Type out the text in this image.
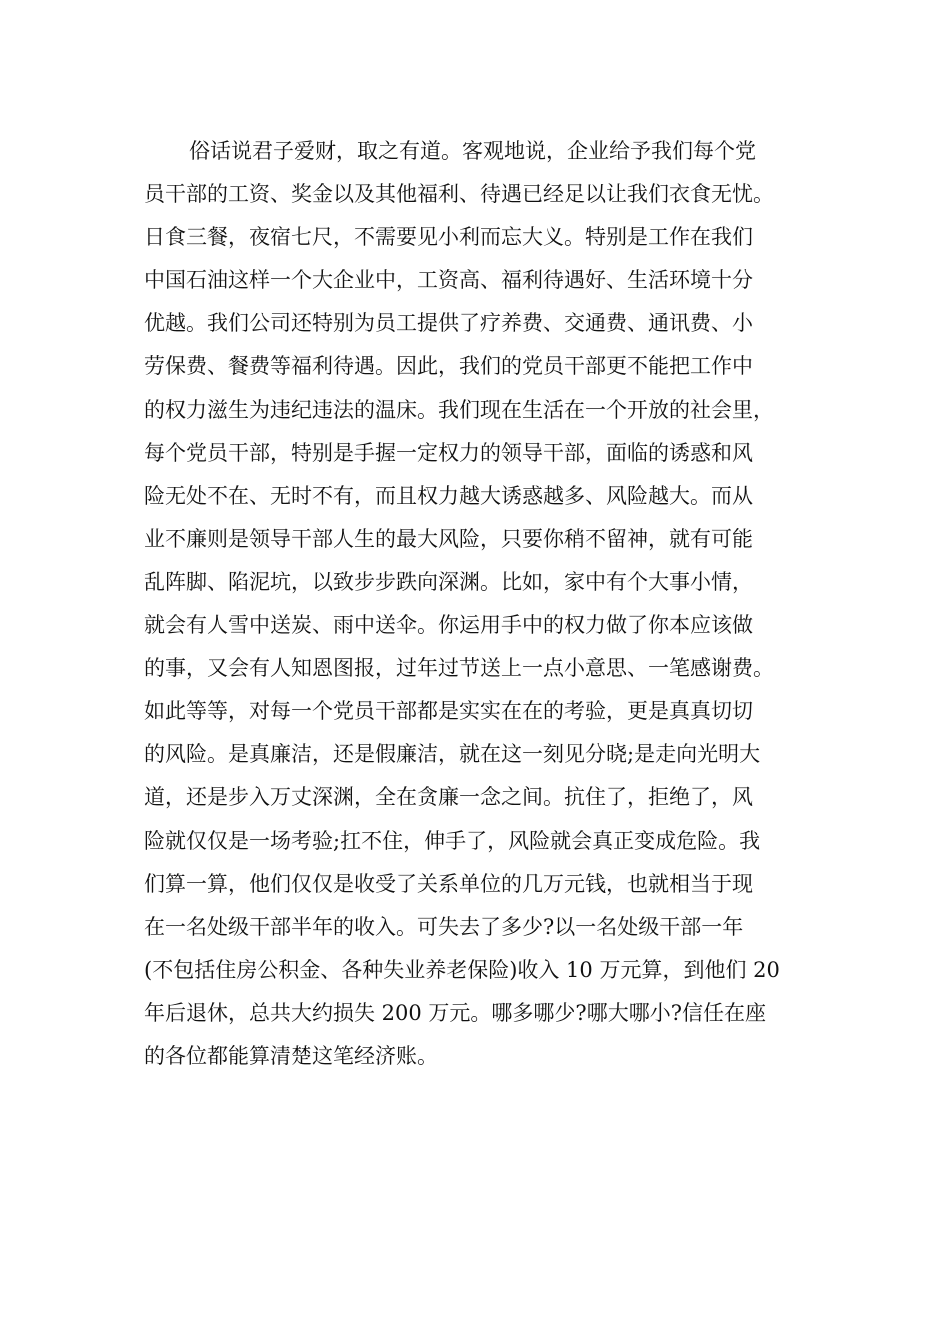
俗话说君子爱财，取之有道。客观地说，企业给予我们每个党
员干部的工资、奖金以及其他福利、待遇已经足以让我们衣食无忧。
日食三餐，夜宿七尺，不需要见小利而忘大义。特别是工作在我们
中国石油这样一个大企业中，工资高、福利待遇好、生活环境十分
优越。我们公司还特别为员工提供了疗养费、交通费、通讯费、小
劳保费、餐费等福利待遇。因此，我们的党员干部更不能把工作中
的权力滋生为违纪违法的温床。我们现在生活在一个开放的社会里，
每个党员干部，特别是手握一定权力的领导干部，面临的诱惑和风
险无处不在、无时不有，而且权力越大诱惑越多、风险越大。而从
业不廉则是领导干部人生的最大风险，只要你稍不留神，就有可能
乱阵脚、陷泥坑，以致步步跌向深渊。比如，家中有个大事小情，
就会有人雪中送炭、雨中送伞。你运用手中的权力做了你本应该做
的事，又会有人知恩图报，过年过节送上一点小意思、一笔感谢费。
如此等等，对每一个党员干部都是实实在在的考验，更是真真切切
的风险。是真廉洁，还是假廉洁，就在这一刻见分晓;是走向光明大
道，还是步入万丈深渊，全在贪廉一念之间。抗住了，拒绝了，风
险就仅仅是一场考验;扛不住，伸手了，风险就会真正变成危险。我
们算一算，他们仅仅是收受了关系单位的几万元钱，也就相当于现
在一名处级干部半年的收入。可失去了多少?以一名处级干部一年
(不包括住房公积金、各种失业养老保险)收入 10 万元算，到他们 20
年后退休，总共大约损失 200 万元。哪多哪少?哪大哪小?信任在座
的各位都能算清楚这笔经济账。
